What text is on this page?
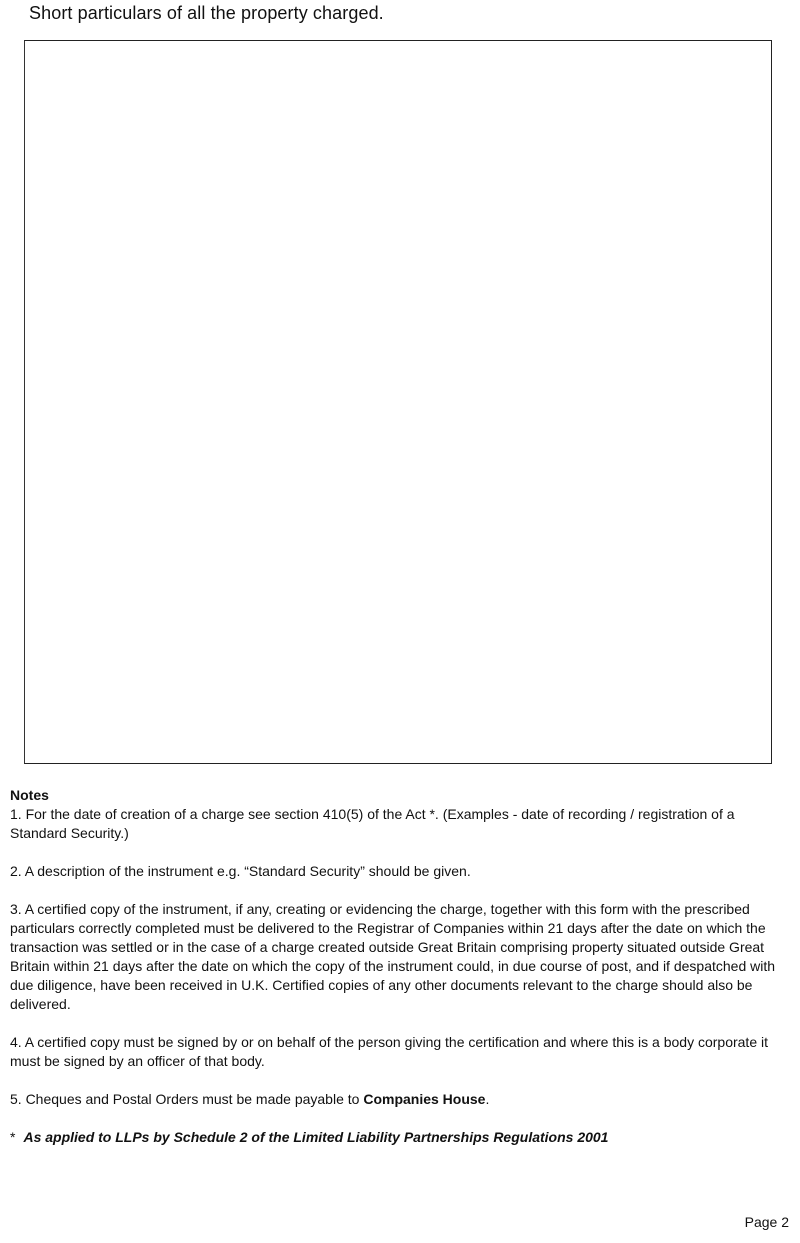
Short particulars of all the property charged.

Notes

1. For the date of creation of a charge see section 410(5) of the Act *. (Examples - date of recording / registration of a Standard Security.)

2. A description of the instrument e.g. “Standard Security” should be given.

3. A certified copy of the instrument, if any, creating or evidencing the charge, together with this form with the prescribed particulars correctly completed must be delivered to the Registrar of Companies within 21 days after the date on which the transaction was settled or in the case of a charge created outside Great Britain comprising property situated outside Great Britain within 21 days after the date on which the copy of the instrument could, in due course of post, and if despatched with due diligence, have been received in U.K. Certified copies of any other documents relevant to the charge should also be delivered.

4. A certified copy must be signed by or on behalf of the person giving the certification and where this is a body corporate it must be signed by an officer of that body.

5. Cheques and Postal Orders must be made payable to Companies House.

* As applied to LLPs by Schedule 2 of the Limited Liability Partnerships Regulations 2001

Page 2
